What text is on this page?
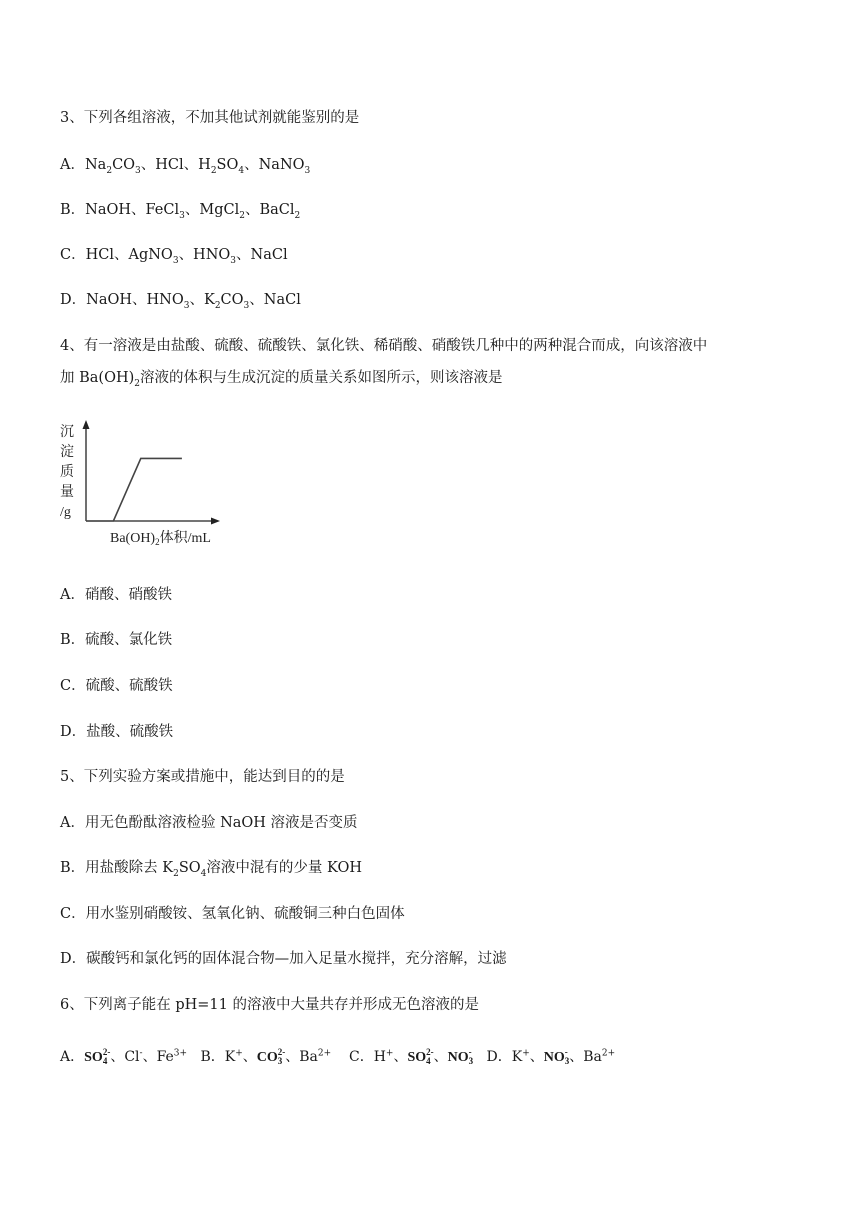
3、下列各组溶液，不加其他试剂就能鉴别的是
A．$Na_2CO_3$、HCl、$H_2SO_4$、NaNO$_3$
B．NaOH、FeCl$_3$、MgCl$_2$、BaCl$_2$
C．HCl、AgNO$_3$、$HNO_3$、NaCl
D．NaOH、$HNO_3$、$K_2CO_3$、NaCl
4、有一溶液是由盐酸、硫酸、硫酸铁、氯化铁、稀硝酸、硝酸铁几种中的两种混合而成，向该溶液中
加 $Ba(OH)_2$溶液的体积与生成沉淀的质量关系如图所示，则该溶液是
沉
淀
质
量
/g
$Ba(OH)_2$体积/mL
A．硝酸、硝酸铁
B．硫酸、氯化铁
C．硫酸、硫酸铁
D．盐酸、硫酸铁
5、下列实验方案或措施中，能达到目的的是
A．用无色酚酞溶液检验 NaOH 溶液是否变质
B．用盐酸除去 $K_2SO_4$溶液中混有的少量 KOH
C．用水鉴别硝酸铵、氢氧化钠、硫酸铜三种白色固体
D．碳酸钙和氯化钙的固体混合物—加入足量水搅拌，充分溶解，过滤
6、下列离子能在 pH=11 的溶液中大量共存并形成无色溶液的是
A．SO 2-
4 、Cl-、$Fe^{3+}$ B．K+、CO 2-
3 、$Ba^{2+}$ C．H+、SO 2-
4 、NO -
3 D．K+、NO -
3 、$Ba^{2+}$
